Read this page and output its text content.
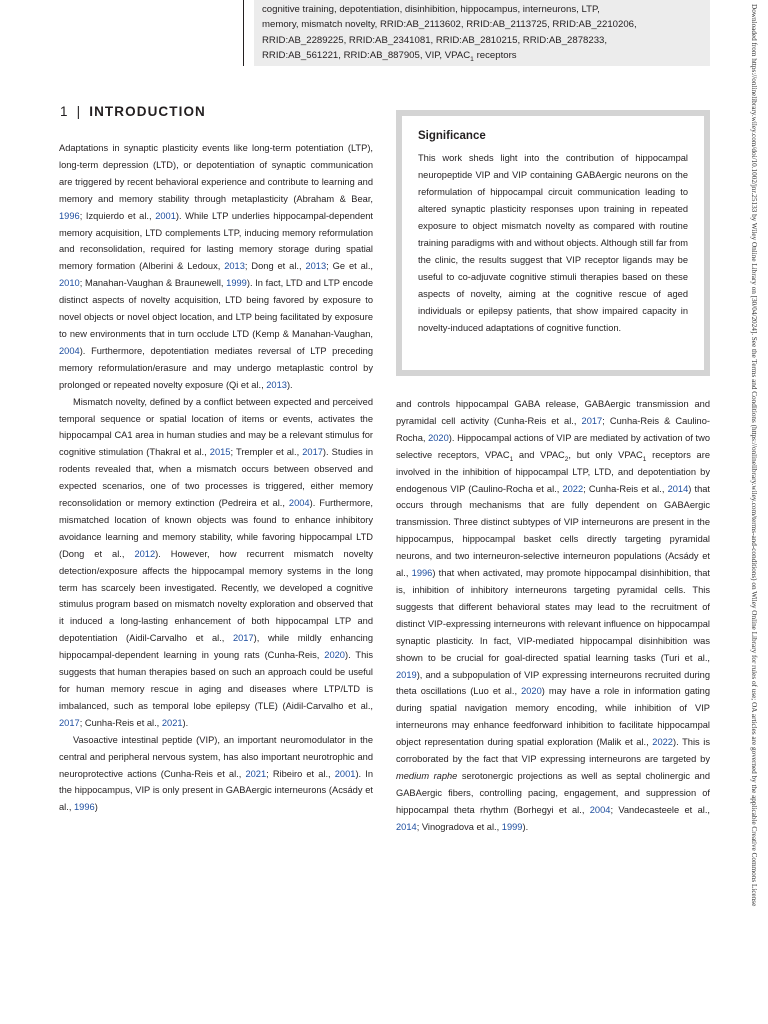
cognitive training, depotentiation, disinhibition, hippocampus, interneurons, LTP,
memory, mismatch novelty, RRID:AB_2113602, RRID:AB_2113725, RRID:AB_2210206,
RRID:AB_2289225, RRID:AB_2341081, RRID:AB_2810215, RRID:AB_2878233,
RRID:AB_561221, RRID:AB_887905, VIP, $VPAC_1$ receptors
1 | INTRODUCTION

Adaptations in synaptic plasticity events like long-term potentiation (LTP), long-term depression (LTD), or depotentiation of synaptic communication are triggered by recent behavioral experience and contribute to learning and memory and memory stability through metaplasticity (Abraham & Bear, 1996; Izquierdo et al., 2001). While LTP underlies hippocampal-dependent memory acquisition, LTD complements LTP, inducing memory reformulation and reconsolidation, required for lasting memory storage during spatial memory formation (Alberini & Ledoux, 2013; Dong et al., 2013; Ge et al., 2010; Manahan-Vaughan & Braunewell, 1999). In fact, LTD and LTP encode distinct aspects of novelty acquisition, LTD being favored by exposure to novel objects or novel object location, and LTP being facilitated by exposure to new environments that in turn occlude LTD (Kemp & Manahan-Vaughan, 2004). Furthermore, depotentiation mediates reversal of LTP preceding memory reformulation/erasure and may undergo metaplastic control by prolonged or repeated novelty exposure (Qi et al., 2013).

Mismatch novelty, defined by a conflict between expected and perceived temporal sequence or spatial location of items or events, activates the hippocampal CA1 area in human studies and may be a relevant stimulus for cognitive stimulation (Thakral et al., 2015; Trempler et al., 2017). Studies in rodents revealed that, when a mismatch occurs between observed and expected scenarios, one of two processes is triggered, either memory reconsolidation or memory extinction (Pedreira et al., 2004). Furthermore, mismatched location of known objects was found to enhance inhibitory avoidance learning and memory stability, while favoring hippocampal LTD (Dong et al., 2012). However, how recurrent mismatch novelty detection/exposure affects the hippocampal memory systems in the long term has scarcely been investigated. Recently, we developed a cognitive stimulus program based on mismatch novelty exploration and observed that it induced a long-lasting enhancement of both hippocampal LTP and depotentiation (Aidil-Carvalho et al., 2017), while mildly enhancing hippocampal-dependent learning in young rats (Cunha-Reis, 2020). This suggests that human therapies based on such an approach could be useful for human memory rescue in aging and diseases where LTP/LTD is imbalanced, such as temporal lobe epilepsy (TLE) (Aidil-Carvalho et al., 2017; Cunha-Reis et al., 2021).

Vasoactive intestinal peptide (VIP), an important neuromodulator in the central and peripheral nervous system, has also important neurotrophic and neuroprotective actions (Cunha-Reis et al., 2021; Ribeiro et al., 2001). In the hippocampus, VIP is only present in GABAergic interneurons (Acsády et al., 1996)

Significance
This work sheds light into the contribution of hippocampal neuropeptide VIP and VIP containing GABAergic neurons on the reformulation of hippocampal circuit communication leading to altered synaptic plasticity responses upon training in repeated exposure to object mismatch novelty as compared with routine training paradigms with and without objects. Although still far from the clinic, the results suggest that VIP receptor ligands may be useful to co-adjuvate cognitive stimuli therapies based on these aspects of novelty, aiming at the cognitive rescue of aged individuals or epilepsy patients, that show impaired capacity in novelty-induced adaptations of cognitive function.

and controls hippocampal GABA release, GABAergic transmission and pyramidal cell activity (Cunha-Reis et al., 2017; Cunha-Reis & Caulino-Rocha, 2020). Hippocampal actions of VIP are mediated by activation of two selective receptors, $VPAC_1$ and $VPAC_2$, but only $VPAC_1$ receptors are involved in the inhibition of hippocampal LTP, LTD, and depotentiation by endogenous VIP (Caulino-Rocha et al., 2022; Cunha-Reis et al., 2014) that occurs through mechanisms that are fully dependent on GABAergic transmission. Three distinct subtypes of VIP interneurons are present in the hippocampus, hippocampal basket cells directly targeting pyramidal neurons, and two interneuron-selective interneuron populations (Acsády et al., 1996) that when activated, may promote hippocampal disinhibition, that is, inhibition of inhibitory interneurons targeting pyramidal cells. This suggests that different behavioral states may lead to the recruitment of distinct VIP-expressing interneurons with relevant influence on hippocampal synaptic plasticity. In fact, VIP-mediated hippocampal disinhibition was shown to be crucial for goal-directed spatial learning tasks (Turi et al., 2019), and a subpopulation of VIP expressing interneurons recruited during theta oscillations (Luo et al., 2020) may have a role in information gating during spatial navigation memory encoding, while inhibition of VIP interneurons may enhance feedforward inhibition to facilitate hippocampal object representation during spatial exploration (Malik et al., 2022). This is corroborated by the fact that VIP expressing interneurons are targeted by medium raphe serotonergic projections as well as septal cholinergic and GABAergic fibers, controlling pacing, engagement, and suppression of hippocampal theta rhythm (Borhegyi et al., 2004; Vandecasteele et al., 2014; Vinogradova et al., 1999).	Downloaded from https://onlinelibrary.wiley.com/doi/10.1002/jnr.25133 by Wiley Online Library on [30/04/2024]. See the Terms and Conditions (https://onlinelibrary.wiley.com/terms-and-conditions) on Wiley Online Library for rules of use; OA articles are governed by the applicable Creative Commons License
